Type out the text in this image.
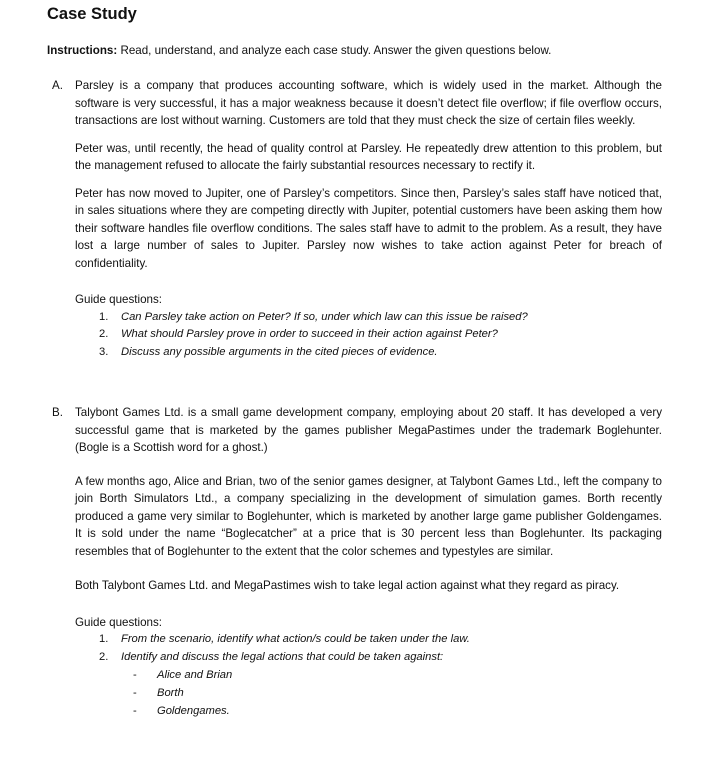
Case Study
Instructions: Read, understand, and analyze each case study. Answer the given questions below.
A. Parsley is a company that produces accounting software, which is widely used in the market. Although the software is very successful, it has a major weakness because it doesn’t detect file overflow; if file overflow occurs, transactions are lost without warning. Customers are told that they must check the size of certain files weekly.

Peter was, until recently, the head of quality control at Parsley. He repeatedly drew attention to this problem, but the management refused to allocate the fairly substantial resources necessary to rectify it.

Peter has now moved to Jupiter, one of Parsley’s competitors. Since then, Parsley’s sales staff have noticed that, in sales situations where they are competing directly with Jupiter, potential customers have been asking them how their software handles file overflow conditions. The sales staff have to admit to the problem. As a result, they have lost a large number of sales to Jupiter. Parsley now wishes to take action against Peter for breach of confidentiality.

Guide questions:
1. Can Parsley take action on Peter? If so, under which law can this issue be raised?
2. What should Parsley prove in order to succeed in their action against Peter?
3. Discuss any possible arguments in the cited pieces of evidence.
B. Talybont Games Ltd. is a small game development company, employing about 20 staff. It has developed a very successful game that is marketed by the games publisher MegaPastimes under the trademark Boglehunter. (Bogle is a Scottish word for a ghost.)

A few months ago, Alice and Brian, two of the senior games designer, at Talybont Games Ltd., left the company to join Borth Simulators Ltd., a company specializing in the development of simulation games. Borth recently produced a game very similar to Boglehunter, which is marketed by another large game publisher Goldengames. It is sold under the name “Boglecatcher” at a price that is 30 percent less than Boglehunter. Its packaging resembles that of Boglehunter to the extent that the color schemes and typestyles are similar.

Both Talybont Games Ltd. and MegaPastimes wish to take legal action against what they regard as piracy.

Guide questions:
1. From the scenario, identify what action/s could be taken under the law.
2. Identify and discuss the legal actions that could be taken against:
- Alice and Brian
- Borth
- Goldengames.
